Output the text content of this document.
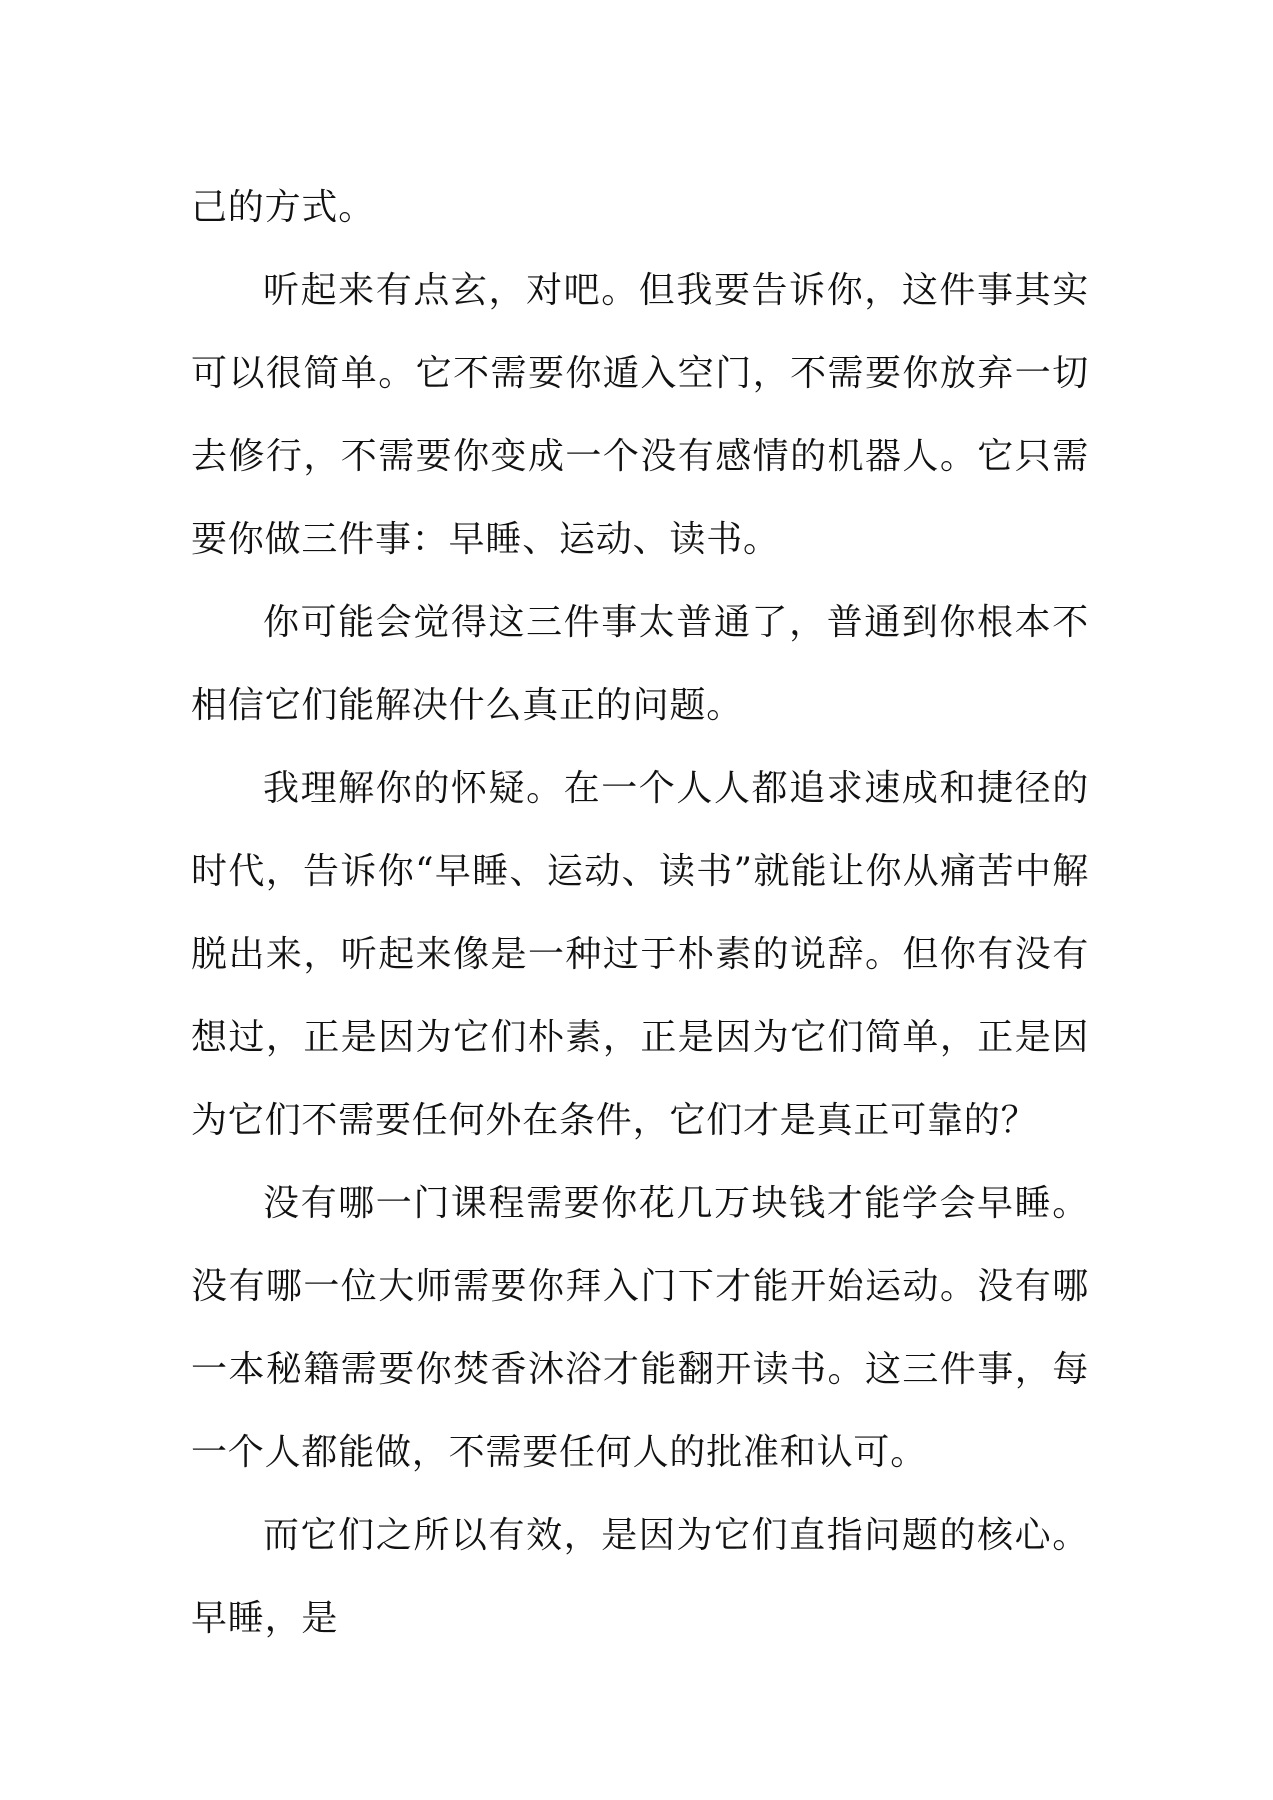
己的方式。

听起来有点玄，对吧。但我要告诉你，这件事其实可以很简单。它不需要你遁入空门，不需要你放弃一切去修行，不需要你变成一个没有感情的机器人。它只需要你做三件事：早睡、运动、读书。

你可能会觉得这三件事太普通了，普通到你根本不相信它们能解决什么真正的问题。

我理解你的怀疑。在一个人人都追求速成和捷径的时代，告诉你“早睡、运动、读书”就能让你从痛苦中解脱出来，听起来像是一种过于朴素的说辞。但你有没有想过，正是因为它们朴素，正是因为它们简单，正是因为它们不需要任何外在条件，它们才是真正可靠的？

没有哪一门课程需要你花几万块钱才能学会早睡。没有哪一位大师需要你拜入门下才能开始运动。没有哪一本秘籍需要你焚香沐浴才能翻开读书。这三件事，每一个人都能做，不需要任何人的批准和认可。

而它们之所以有效，是因为它们直指问题的核心。早睡，是
